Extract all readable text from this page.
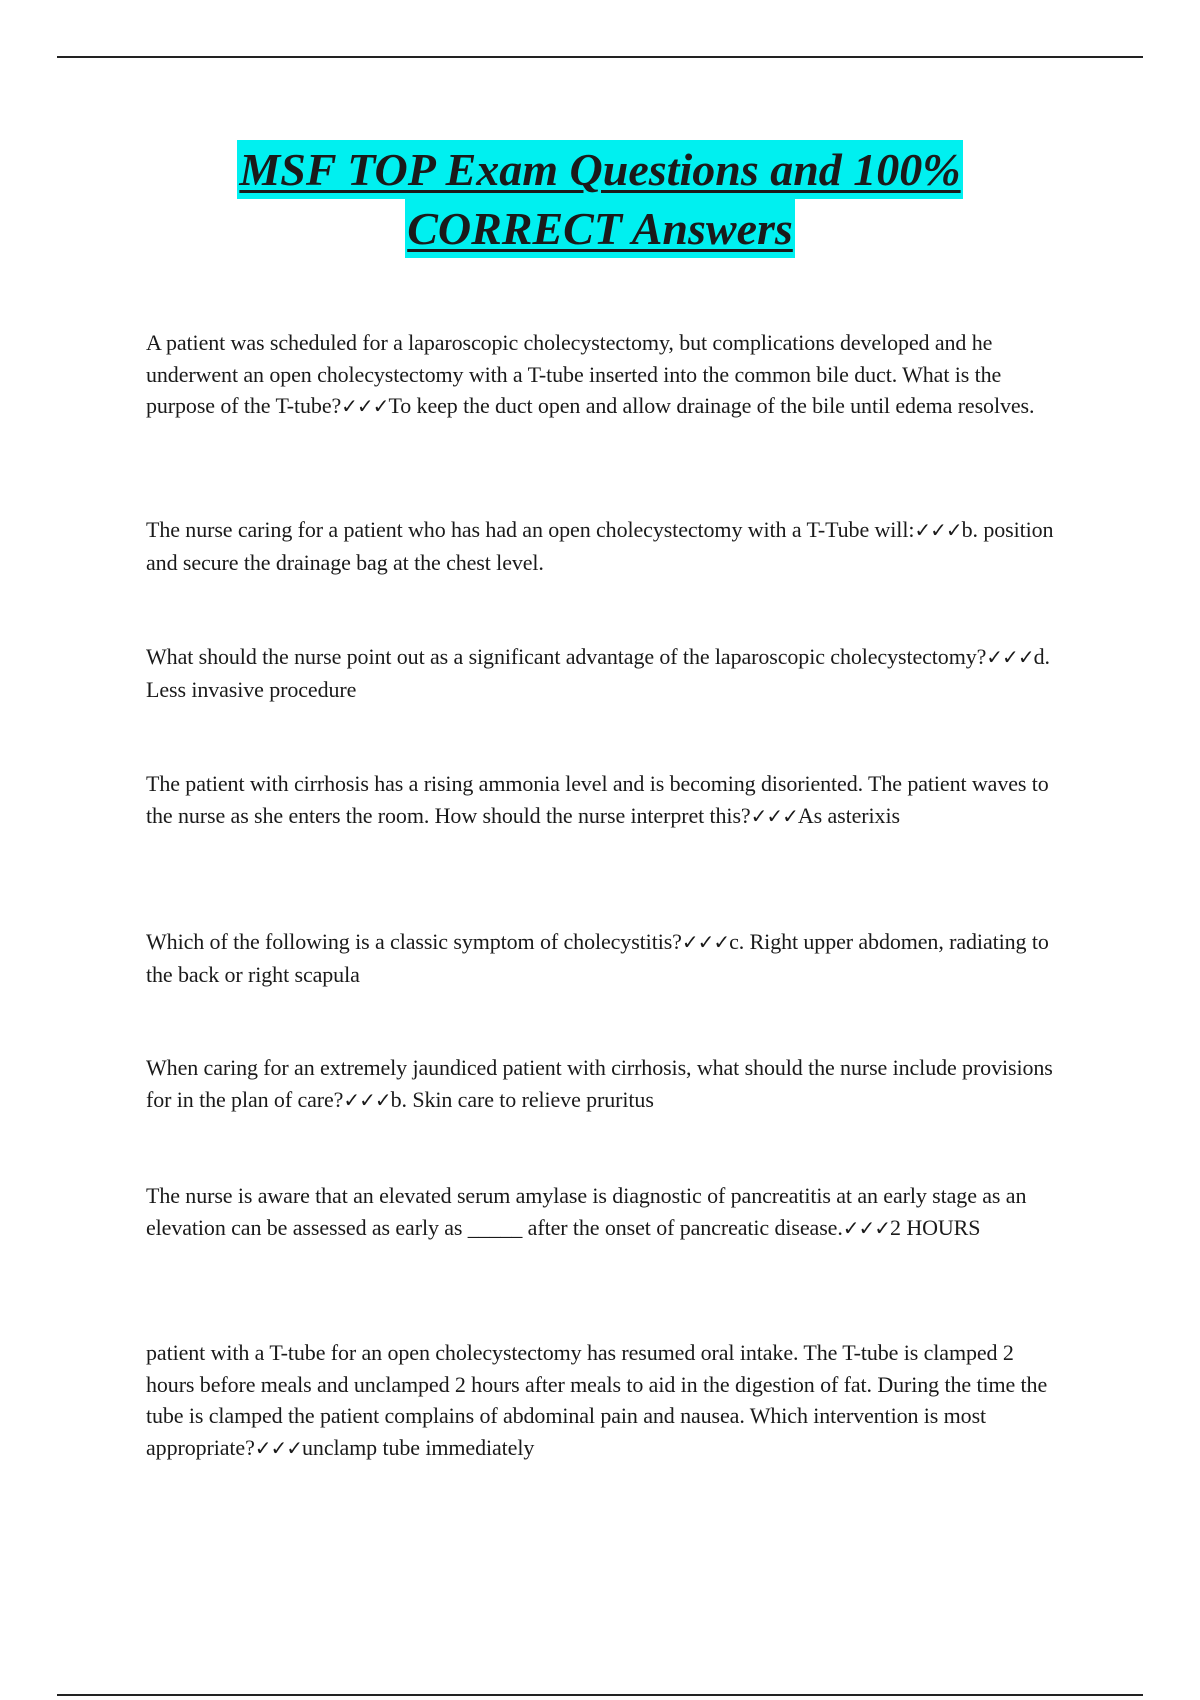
MSF TOP Exam Questions and 100%
CORRECT Answers

A patient was scheduled for a laparoscopic cholecystectomy, but complications developed and he underwent an open cholecystectomy with a T-tube inserted into the common bile duct. What is the purpose of the T-tube?✓✓✓To keep the duct open and allow drainage of the bile until edema resolves.

The nurse caring for a patient who has had an open cholecystectomy with a T-Tube will:✓✓✓b. position and secure the drainage bag at the chest level.

What should the nurse point out as a significant advantage of the laparoscopic cholecystectomy?✓✓✓d. Less invasive procedure

The patient with cirrhosis has a rising ammonia level and is becoming disoriented. The patient waves to the nurse as she enters the room. How should the nurse interpret this?✓✓✓As asterixis

Which of the following is a classic symptom of cholecystitis?✓✓✓c. Right upper abdomen, radiating to the back or right scapula

When caring for an extremely jaundiced patient with cirrhosis, what should the nurse include provisions for in the plan of care?✓✓✓b. Skin care to relieve pruritus

The nurse is aware that an elevated serum amylase is diagnostic of pancreatitis at an early stage as an elevation can be assessed as early as _____ after the onset of pancreatic disease.✓✓✓2 HOURS

patient with a T-tube for an open cholecystectomy has resumed oral intake. The T-tube is clamped 2 hours before meals and unclamped 2 hours after meals to aid in the digestion of fat. During the time the tube is clamped the patient complains of abdominal pain and nausea. Which intervention is most appropriate?✓✓✓unclamp tube immediately
